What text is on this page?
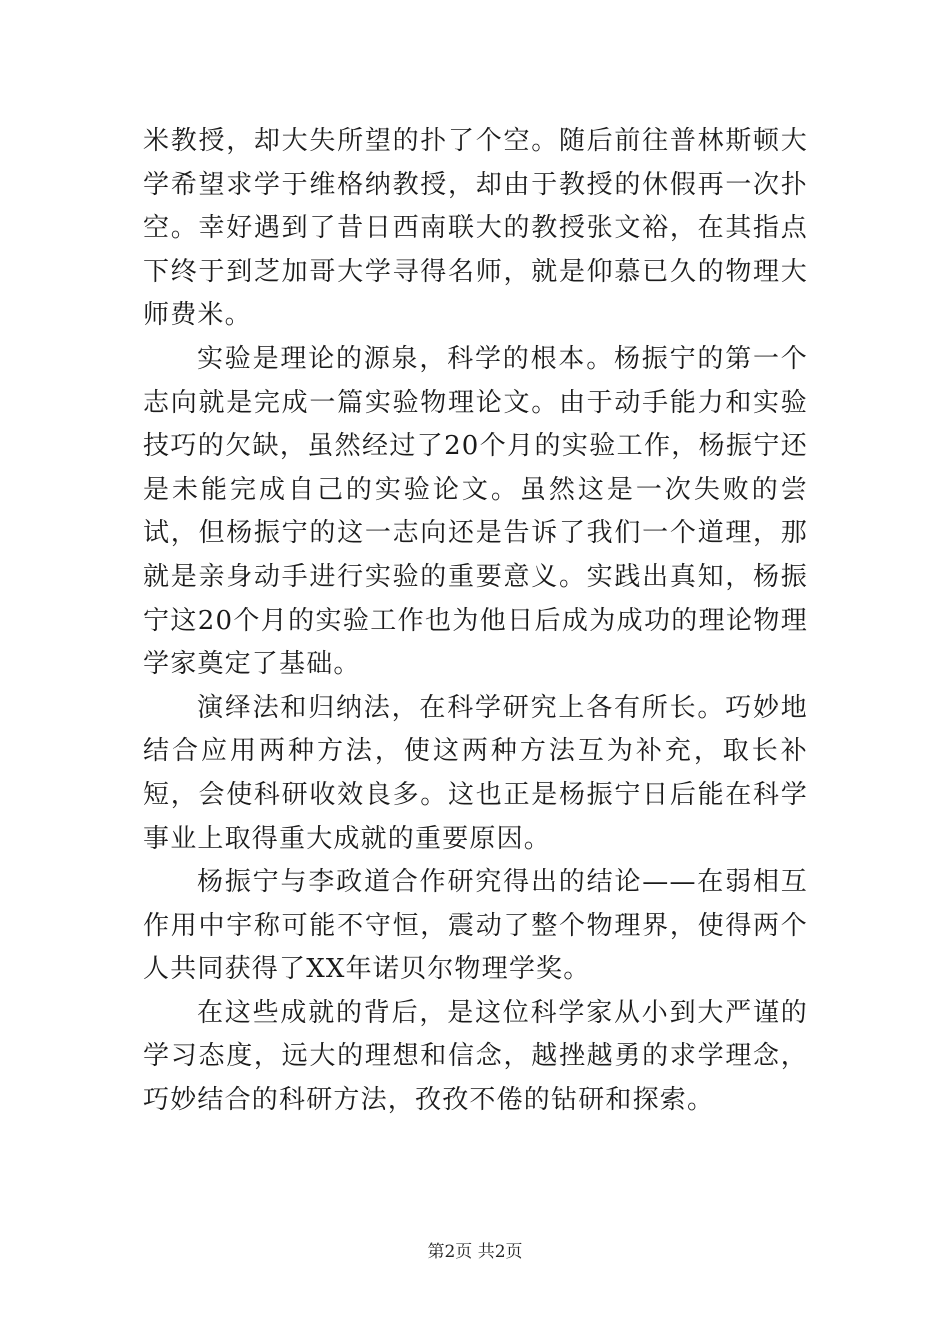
米教授，却大失所望的扑了个空。随后前往普林斯顿大学希望求学于维格纳教授，却由于教授的休假再一次扑空。幸好遇到了昔日西南联大的教授张文裕，在其指点下终于到芝加哥大学寻得名师，就是仰慕已久的物理大师费米。

实验是理论的源泉，科学的根本。杨振宁的第一个志向就是完成一篇实验物理论文。由于动手能力和实验技巧的欠缺，虽然经过了20个月的实验工作，杨振宁还是未能完成自己的实验论文。虽然这是一次失败的尝试，但杨振宁的这一志向还是告诉了我们一个道理，那就是亲身动手进行实验的重要意义。实践出真知，杨振宁这20个月的实验工作也为他日后成为成功的理论物理学家奠定了基础。

演绎法和归纳法，在科学研究上各有所长。巧妙地结合应用两种方法，使这两种方法互为补充，取长补短，会使科研收效良多。这也正是杨振宁日后能在科学事业上取得重大成就的重要原因。

杨振宁与李政道合作研究得出的结论——在弱相互作用中宇称可能不守恒，震动了整个物理界，使得两个人共同获得了XX年诺贝尔物理学奖。

在这些成就的背后，是这位科学家从小到大严谨的学习态度，远大的理想和信念，越挫越勇的求学理念，巧妙结合的科研方法，孜孜不倦的钻研和探索。

第2页 共2页
